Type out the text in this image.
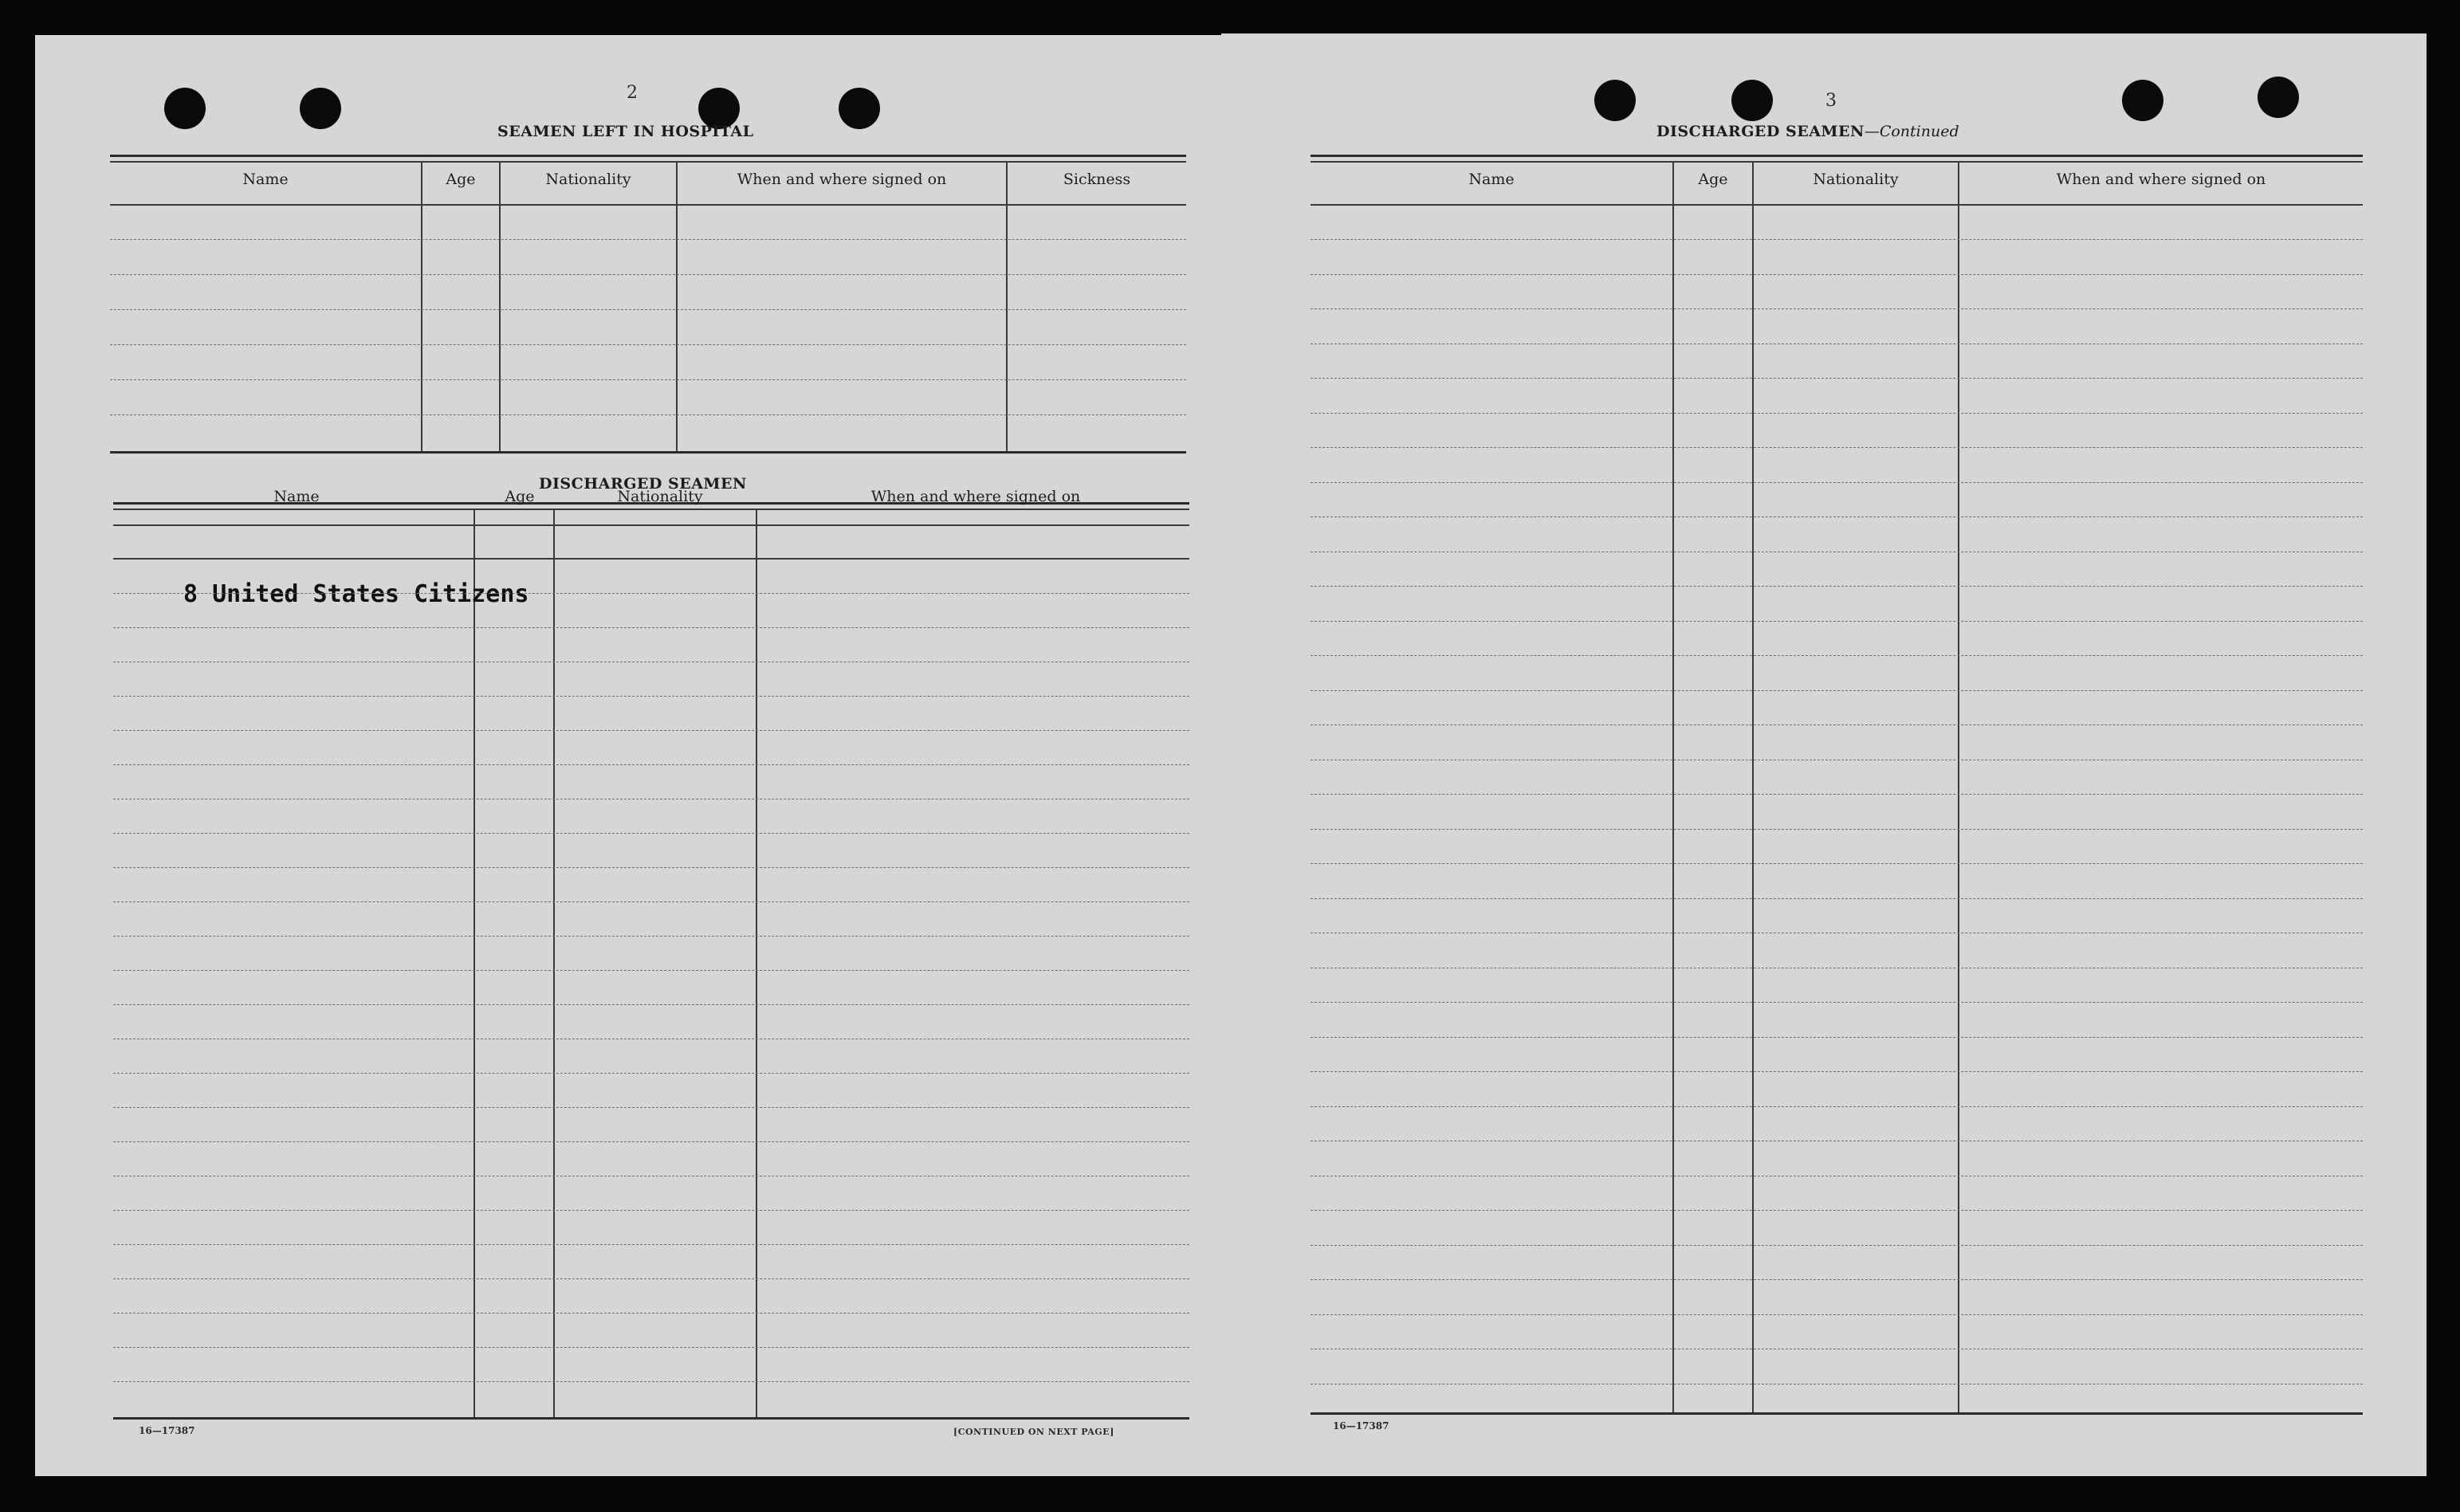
2
SEAMEN LEFT IN HOSPITAL
Name	Age	Nationality	When and where signed on	Sickness
DISCHARGED SEAMEN
Name	Age	Nationality	When and where signed on
8 United States Citizens
16—17387	[CONTINUED ON NEXT PAGE]
3
DISCHARGED SEAMEN—Continued
Name	Age	Nationality	When and where signed on
16—17387
